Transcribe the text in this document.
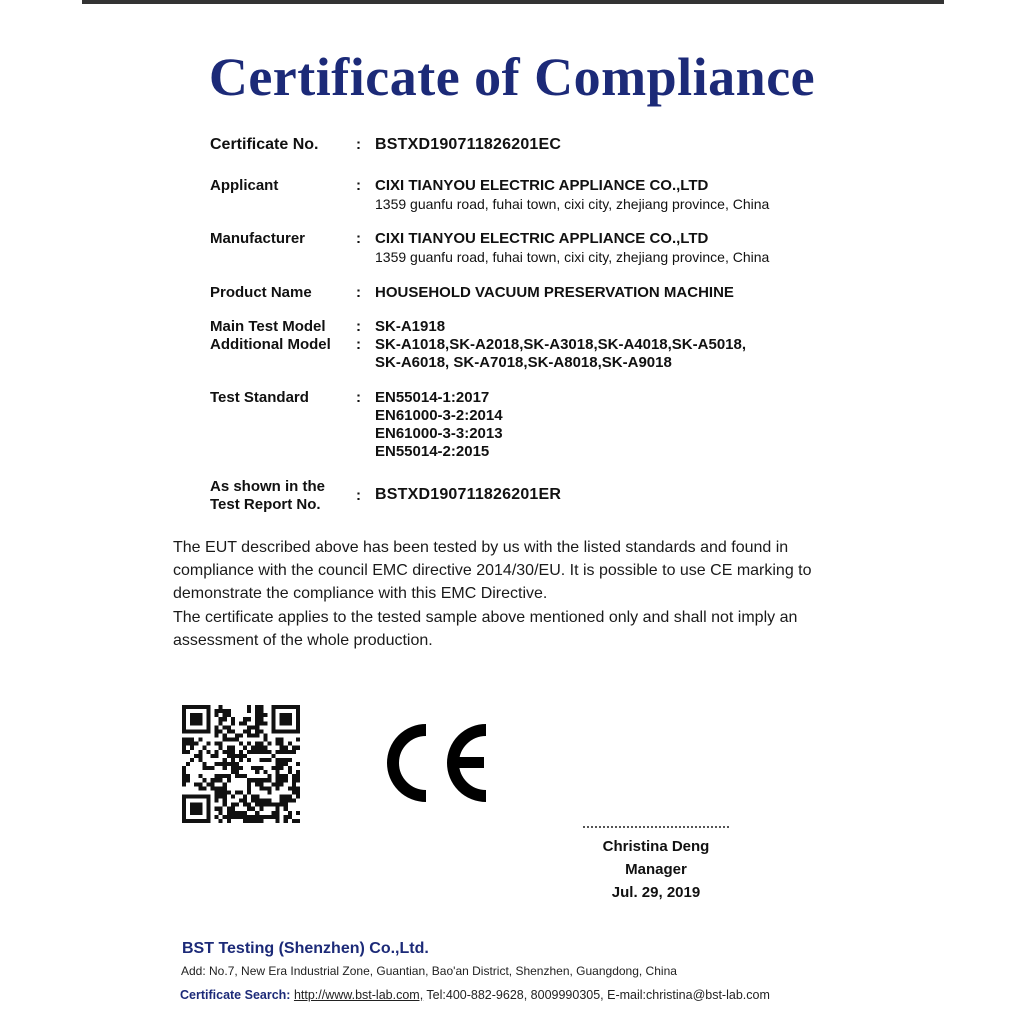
Certificate of Compliance
Certificate No.	: BSTXD190711826201EC
Applicant	: CIXI TIANYOU ELECTRIC APPLIANCE CO.,LTD
1359 guanfu road, fuhai town, cixi city, zhejiang province, China
Manufacturer	: CIXI TIANYOU ELECTRIC APPLIANCE CO.,LTD
1359 guanfu road, fuhai town, cixi city, zhejiang province, China
Product Name	: HOUSEHOLD VACUUM PRESERVATION MACHINE
Main Test Model	: SK-A1918
Additional Model	: SK-A1018,SK-A2018,SK-A3018,SK-A4018,SK-A5018,
SK-A6018, SK-A7018,SK-A8018,SK-A9018
Test Standard	: EN55014-1:2017
EN61000-3-2:2014
EN61000-3-3:2013
EN55014-2:2015
As shown in the
Test Report No.
: BSTXD190711826201ER

The EUT described above has been tested by us with the listed standards and found in compliance with the council EMC directive 2014/30/EU. It is possible to use CE marking to demonstrate the compliance with this EMC Directive.

The certificate applies to the tested sample above mentioned only and shall not imply an assessment of the whole production.

Christina Deng
Manager
Jul. 29, 2019
BST Testing (Shenzhen) Co.,Ltd.
Add: No.7, New Era Industrial Zone, Guantian, Bao'an District, Shenzhen, Guangdong, China
Certificate Search: http://www.bst-lab.com, Tel:400-882-9628, 8009990305, E-mail:christina@bst-lab.com
